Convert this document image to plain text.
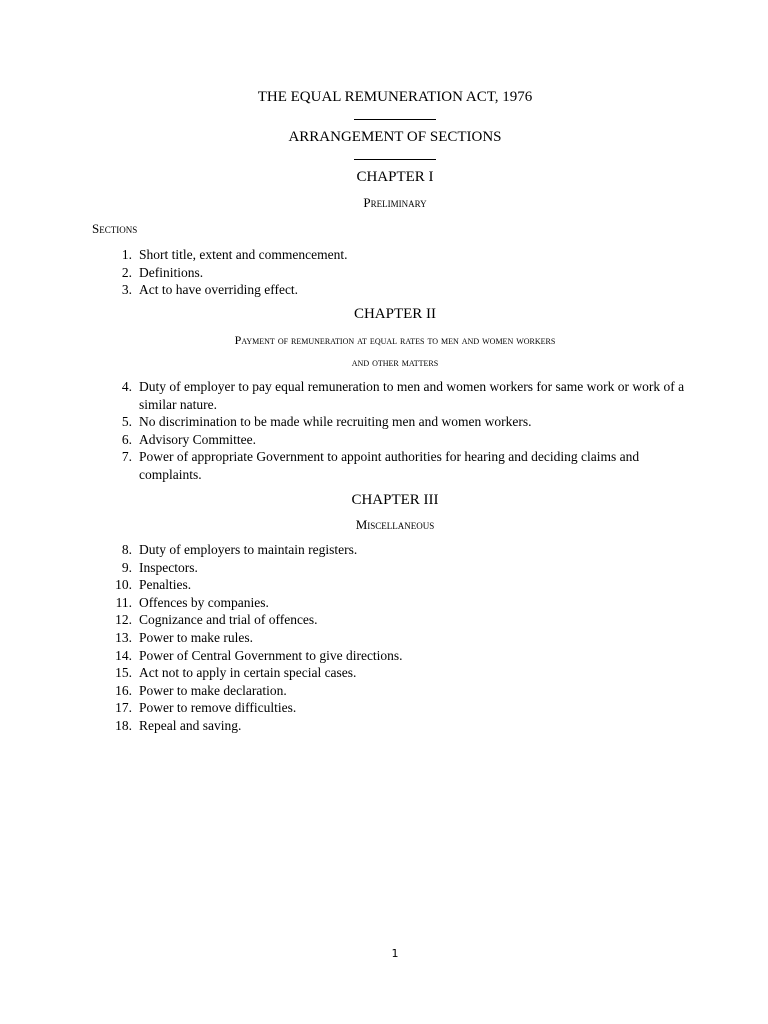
THE EQUAL REMUNERATION ACT, 1976
ARRANGEMENT OF SECTIONS
CHAPTER I
Preliminary
Sections
1. Short title, extent and commencement.
2. Definitions.
3. Act to have overriding effect.
CHAPTER II
Payment of remuneration at equal rates to men and women workers
and other matters
4. Duty of employer to pay equal remuneration to men and women workers for same work or work of a similar nature.
5. No discrimination to be made while recruiting men and women workers.
6. Advisory Committee.
7. Power of appropriate Government to appoint authorities for hearing and deciding claims and complaints.
CHAPTER III
Miscellaneous
8. Duty of employers to maintain registers.
9. Inspectors.
10. Penalties.
11. Offences by companies.
12. Cognizance and trial of offences.
13. Power to make rules.
14. Power of Central Government to give directions.
15. Act not to apply in certain special cases.
16. Power to make declaration.
17. Power to remove difficulties.
18. Repeal and saving.
1
